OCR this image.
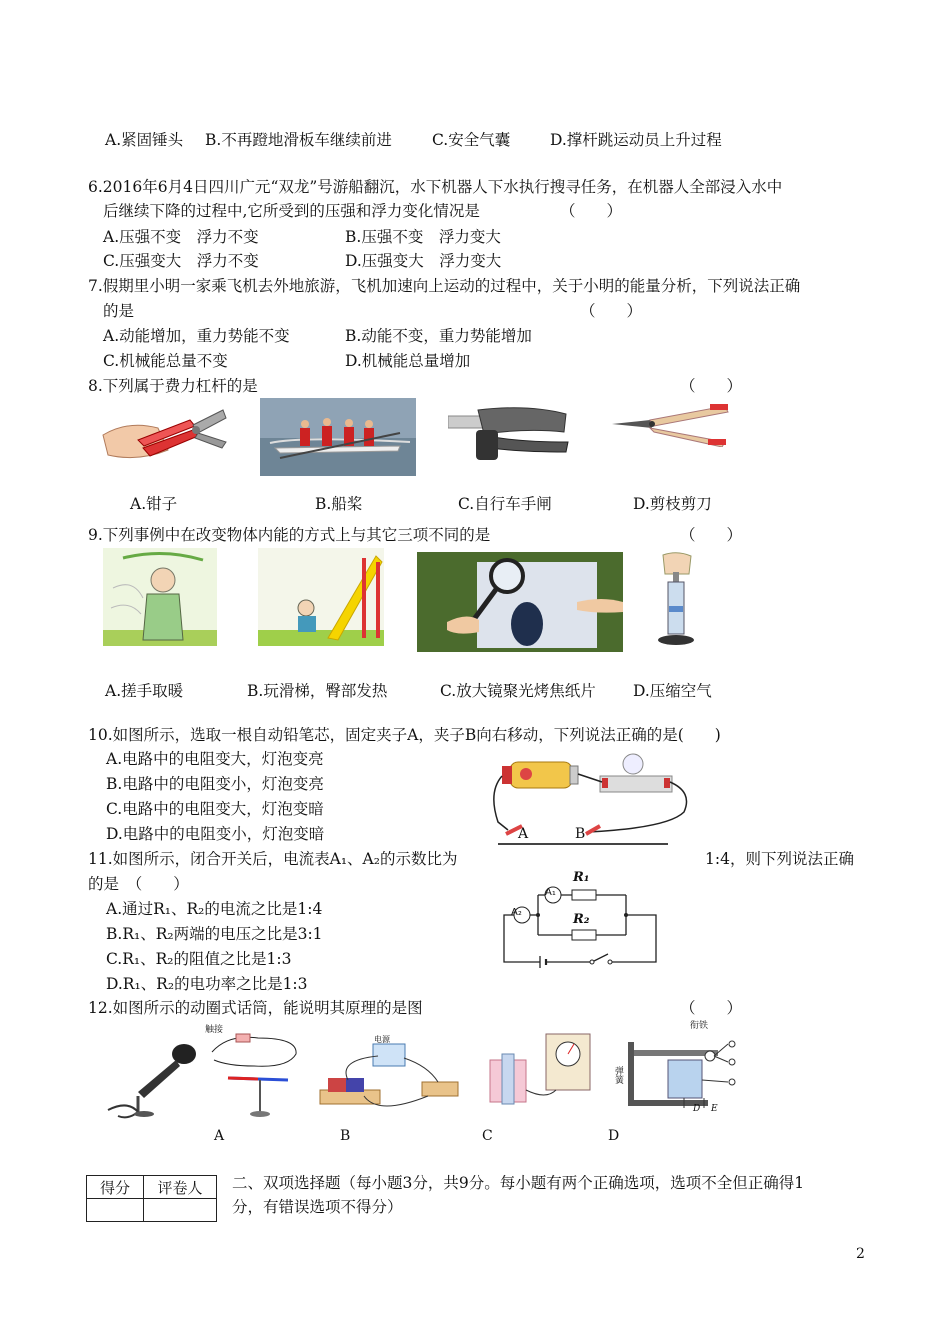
A.紧固锤头 B.不再蹬地滑板车继续前进	C.安全气囊	D.撑杆跳运动员上升过程
6.2016年6月4日四川广元“双龙”号游船翻沉，水下机器人下水执行搜寻任务，在机器人全部浸入水中
后继续下降的过程中,它所受到的压强和浮力变化情况是	（　　）
A.压强不变　浮力不变	B.压强不变　浮力变大
C.压强变大　浮力不变	D.压强变大　浮力变大
7.假期里小明一家乘飞机去外地旅游，飞机加速向上运动的过程中，关于小明的能量分析，下列说法正确
的是	（　　）
A.动能增加，重力势能不变	B.动能不变，重力势能增加
C.机械能总量不变	D.机械能总量增加
8.下列属于费力杠杆的是	（　　）
A.钳子	B.船桨	C.自行车手闸	D.剪枝剪刀
9.下列事例中在改变物体内能的方式上与其它三项不同的是	（　　）
A.搓手取暖	B.玩滑梯，臀部发热	C.放大镜聚光烤焦纸片 D.压缩空气
10.如图所示，选取一根自动铅笔芯，固定夹子A，夹子B向右移动，下列说法正确的是(　　)
A.电路中的电阻变大，灯泡变亮
B.电路中的电阻变小，灯泡变亮
C.电路中的电阻变大，灯泡变暗
D.电路中的电阻变小，灯泡变暗	A	B
11.如图所示，闭合开关后，电流表A₁、A₂的示数比为	1:4，则下列说法正确
的是　（　　）
A.通过R₁、R₂的电流之比是1:4
B.R₁、R₂两端的电压之比是3:1
C.R₁、R₂的阻值之比是1:3
D.R₁、R₂的电功率之比是1:3
A₂
A₁
R₁
R₂
12.如图所示的动圈式话筒，能说明其原理的是图	（　　）
触接
电源
衔铁
弹簧
D E
A	B	C	D
得分	评卷人
	二、双项选择题（每小题3分，共9分。每小题有两个正确选项，选项不全但正确得1
分，有错误选项不得分）
2
